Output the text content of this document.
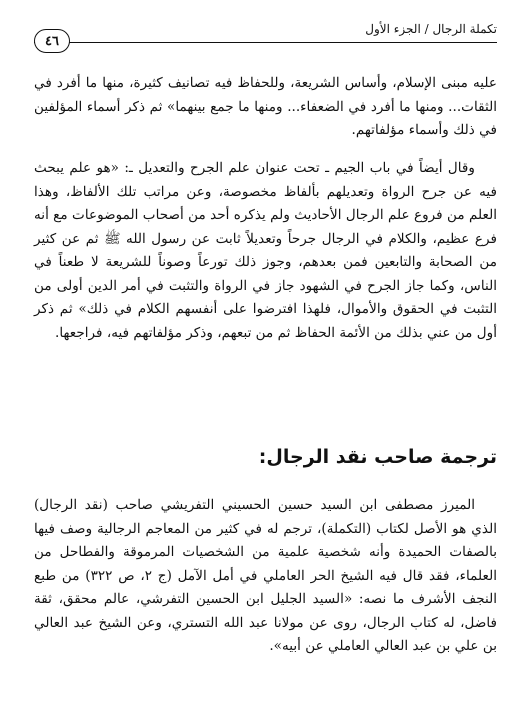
تكملة الرجال / الجزء الأول
٤٦

عليه مبنى الإسلام، وأساس الشريعة، وللحفاظ فيه تصانيف كثيرة، منها ما أفرد في الثقات... ومنها ما أفرد في الضعفاء... ومنها ما جمع بينهما» ثم ذكر أسماء المؤلفين في ذلك وأسماء مؤلفاتهم.

وقال أيضاً في باب الجيم ـ تحت عنوان علم الجرح والتعديل ـ: «هو علم يبحث فيه عن جرح الرواة وتعديلهم بألفاظ مخصوصة، وعن مراتب تلك الألفاظ، وهذا العلم من فروع علم الرجال الأحاديث ولم يذكره أحد من أصحاب الموضوعات مع أنه فرع عظيم، والكلام في الرجال جرحاً وتعديلاً ثابت عن رسول الله ﷺ ثم عن كثير من الصحابة والتابعين فمن بعدهم، وجوز ذلك تورعاً وصوناً للشريعة لا طعناً في الناس، وكما جاز الجرح في الشهود جاز في الرواة والتثبت في أمر الدين أولى من التثبت في الحقوق والأموال، فلهذا افترضوا على أنفسهم الكلام في ذلك» ثم ذكر أول من عني بذلك من الأئمة الحفاظ ثم من تبعهم، وذكر مؤلفاتهم فيه، فراجعها.

ترجمة صاحب نقد الرجال:

الميرز مصطفى ابن السيد حسين الحسيني التفريشي صاحب (نقد الرجال) الذي هو الأصل لكتاب (التكملة)، ترجم له في كثير من المعاجم الرجالية وصف فيها بالصفات الحميدة وأنه شخصية علمية من الشخصيات المرموقة والفطاحل من العلماء، فقد قال فيه الشيخ الحر العاملي في أمل الآمل (ج ٢، ص ٣٢٢) من طبع النجف الأشرف ما نصه: «السيد الجليل ابن الحسين التفرشي، عالم محقق، ثقة فاضل، له كتاب الرجال، روى عن مولانا عبد الله التستري، وعن الشيخ عبد العالي بن علي بن عبد العالي العاملي عن أبيه».
